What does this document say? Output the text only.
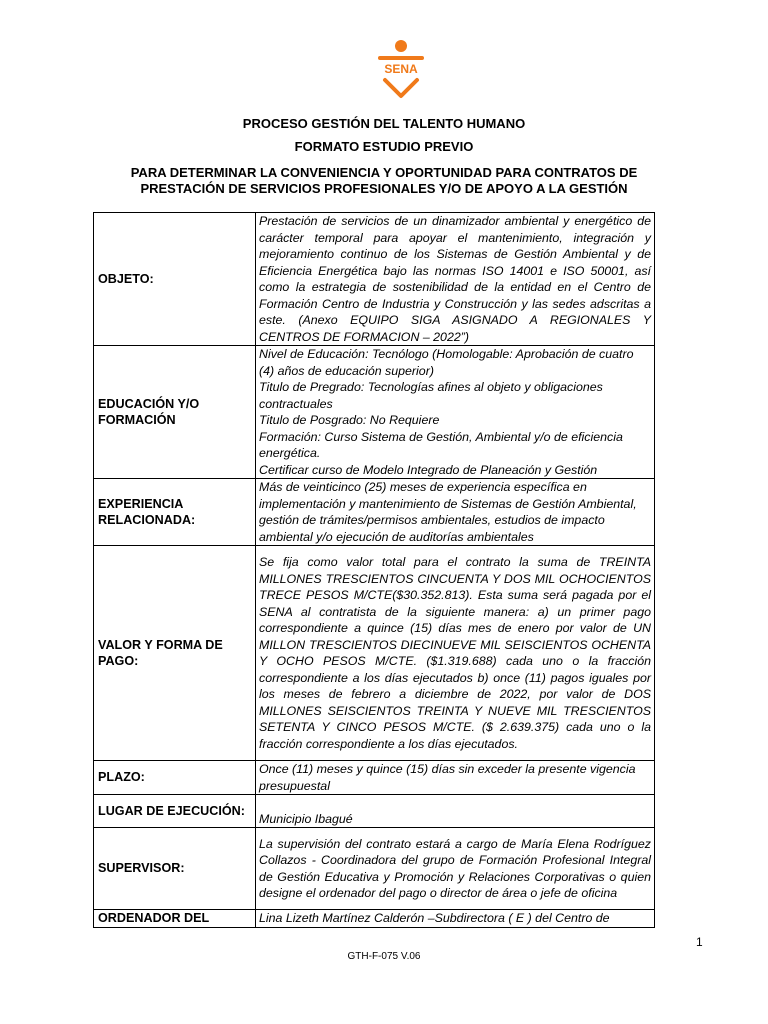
SENA
PROCESO GESTIÓN DEL TALENTO HUMANO
FORMATO ESTUDIO PREVIO
PARA DETERMINAR LA CONVENIENCIA Y OPORTUNIDAD PARA CONTRATOS DE
PRESTACIÓN DE SERVICIOS PROFESIONALES Y/O DE APOYO A LA GESTIÓN
OBJETO:	Prestación de servicios de un dinamizador ambiental y energético de carácter temporal para apoyar el mantenimiento, integración y mejoramiento continuo de los Sistemas de Gestión Ambiental y de Eficiencia Energética bajo las normas ISO 14001 e ISO 50001, así como la estrategia de sostenibilidad de la entidad en el Centro de Formación Centro de Industria y Construcción y las sedes adscritas a este. (Anexo EQUIPO SIGA ASIGNADO A REGIONALES Y CENTROS DE FORMACION – 2022”)
EDUCACIÓN Y/O FORMACIÓN	Nivel de Educación: Tecnólogo (Homologable: Aprobación de cuatro (4) años de educación superior)
Titulo de Pregrado: Tecnologías afines al objeto y obligaciones contractuales
Titulo de Posgrado: No Requiere
Formación: Curso Sistema de Gestión, Ambiental y/o de eficiencia energética.
Certificar curso de Modelo Integrado de Planeación y Gestión

EXPERIENCIA RELACIONADA:	Más de veinticinco (25) meses de experiencia específica en implementación y mantenimiento de Sistemas de Gestión Ambiental, gestión de trámites/permisos ambientales, estudios de impacto ambiental y/o ejecución de auditorías ambientales
VALOR Y FORMA DE PAGO:	Se fija como valor total para el contrato la suma de TREINTA MILLONES TRESCIENTOS CINCUENTA Y DOS MIL OCHOCIENTOS TRECE PESOS M/CTE($30.352.813). Esta suma será pagada por el SENA al contratista de la siguiente manera: a) un primer pago correspondiente a quince (15) días mes de enero por valor de UN MILLON TRESCIENTOS DIECINUEVE MIL SEISCIENTOS OCHENTA Y OCHO PESOS M/CTE. ($1.319.688) cada uno o la fracción correspondiente a los días ejecutados b) once (11) pagos iguales por los meses de febrero a diciembre de 2022, por valor de DOS MILLONES SEISCIENTOS TREINTA Y NUEVE MIL TRESCIENTOS SETENTA Y CINCO PESOS M/CTE. ($ 2.639.375) cada uno o la fracción correspondiente a los días ejecutados.
PLAZO:	Once (11) meses y quince (15) días sin exceder la presente vigencia presupuestal
LUGAR DE EJECUCIÓN:	Municipio Ibagué
SUPERVISOR:	La supervisión del contrato estará a cargo de María Elena Rodríguez Collazos - Coordinadora del grupo de Formación Profesional Integral de Gestión Educativa y Promoción y Relaciones Corporativas o quien designe el ordenador del pago o director de área o jefe de oficina
ORDENADOR DEL	Lina Lizeth Martínez Calderón –Subdirectora ( E ) del Centro de
1
GTH-F-075 V.06
